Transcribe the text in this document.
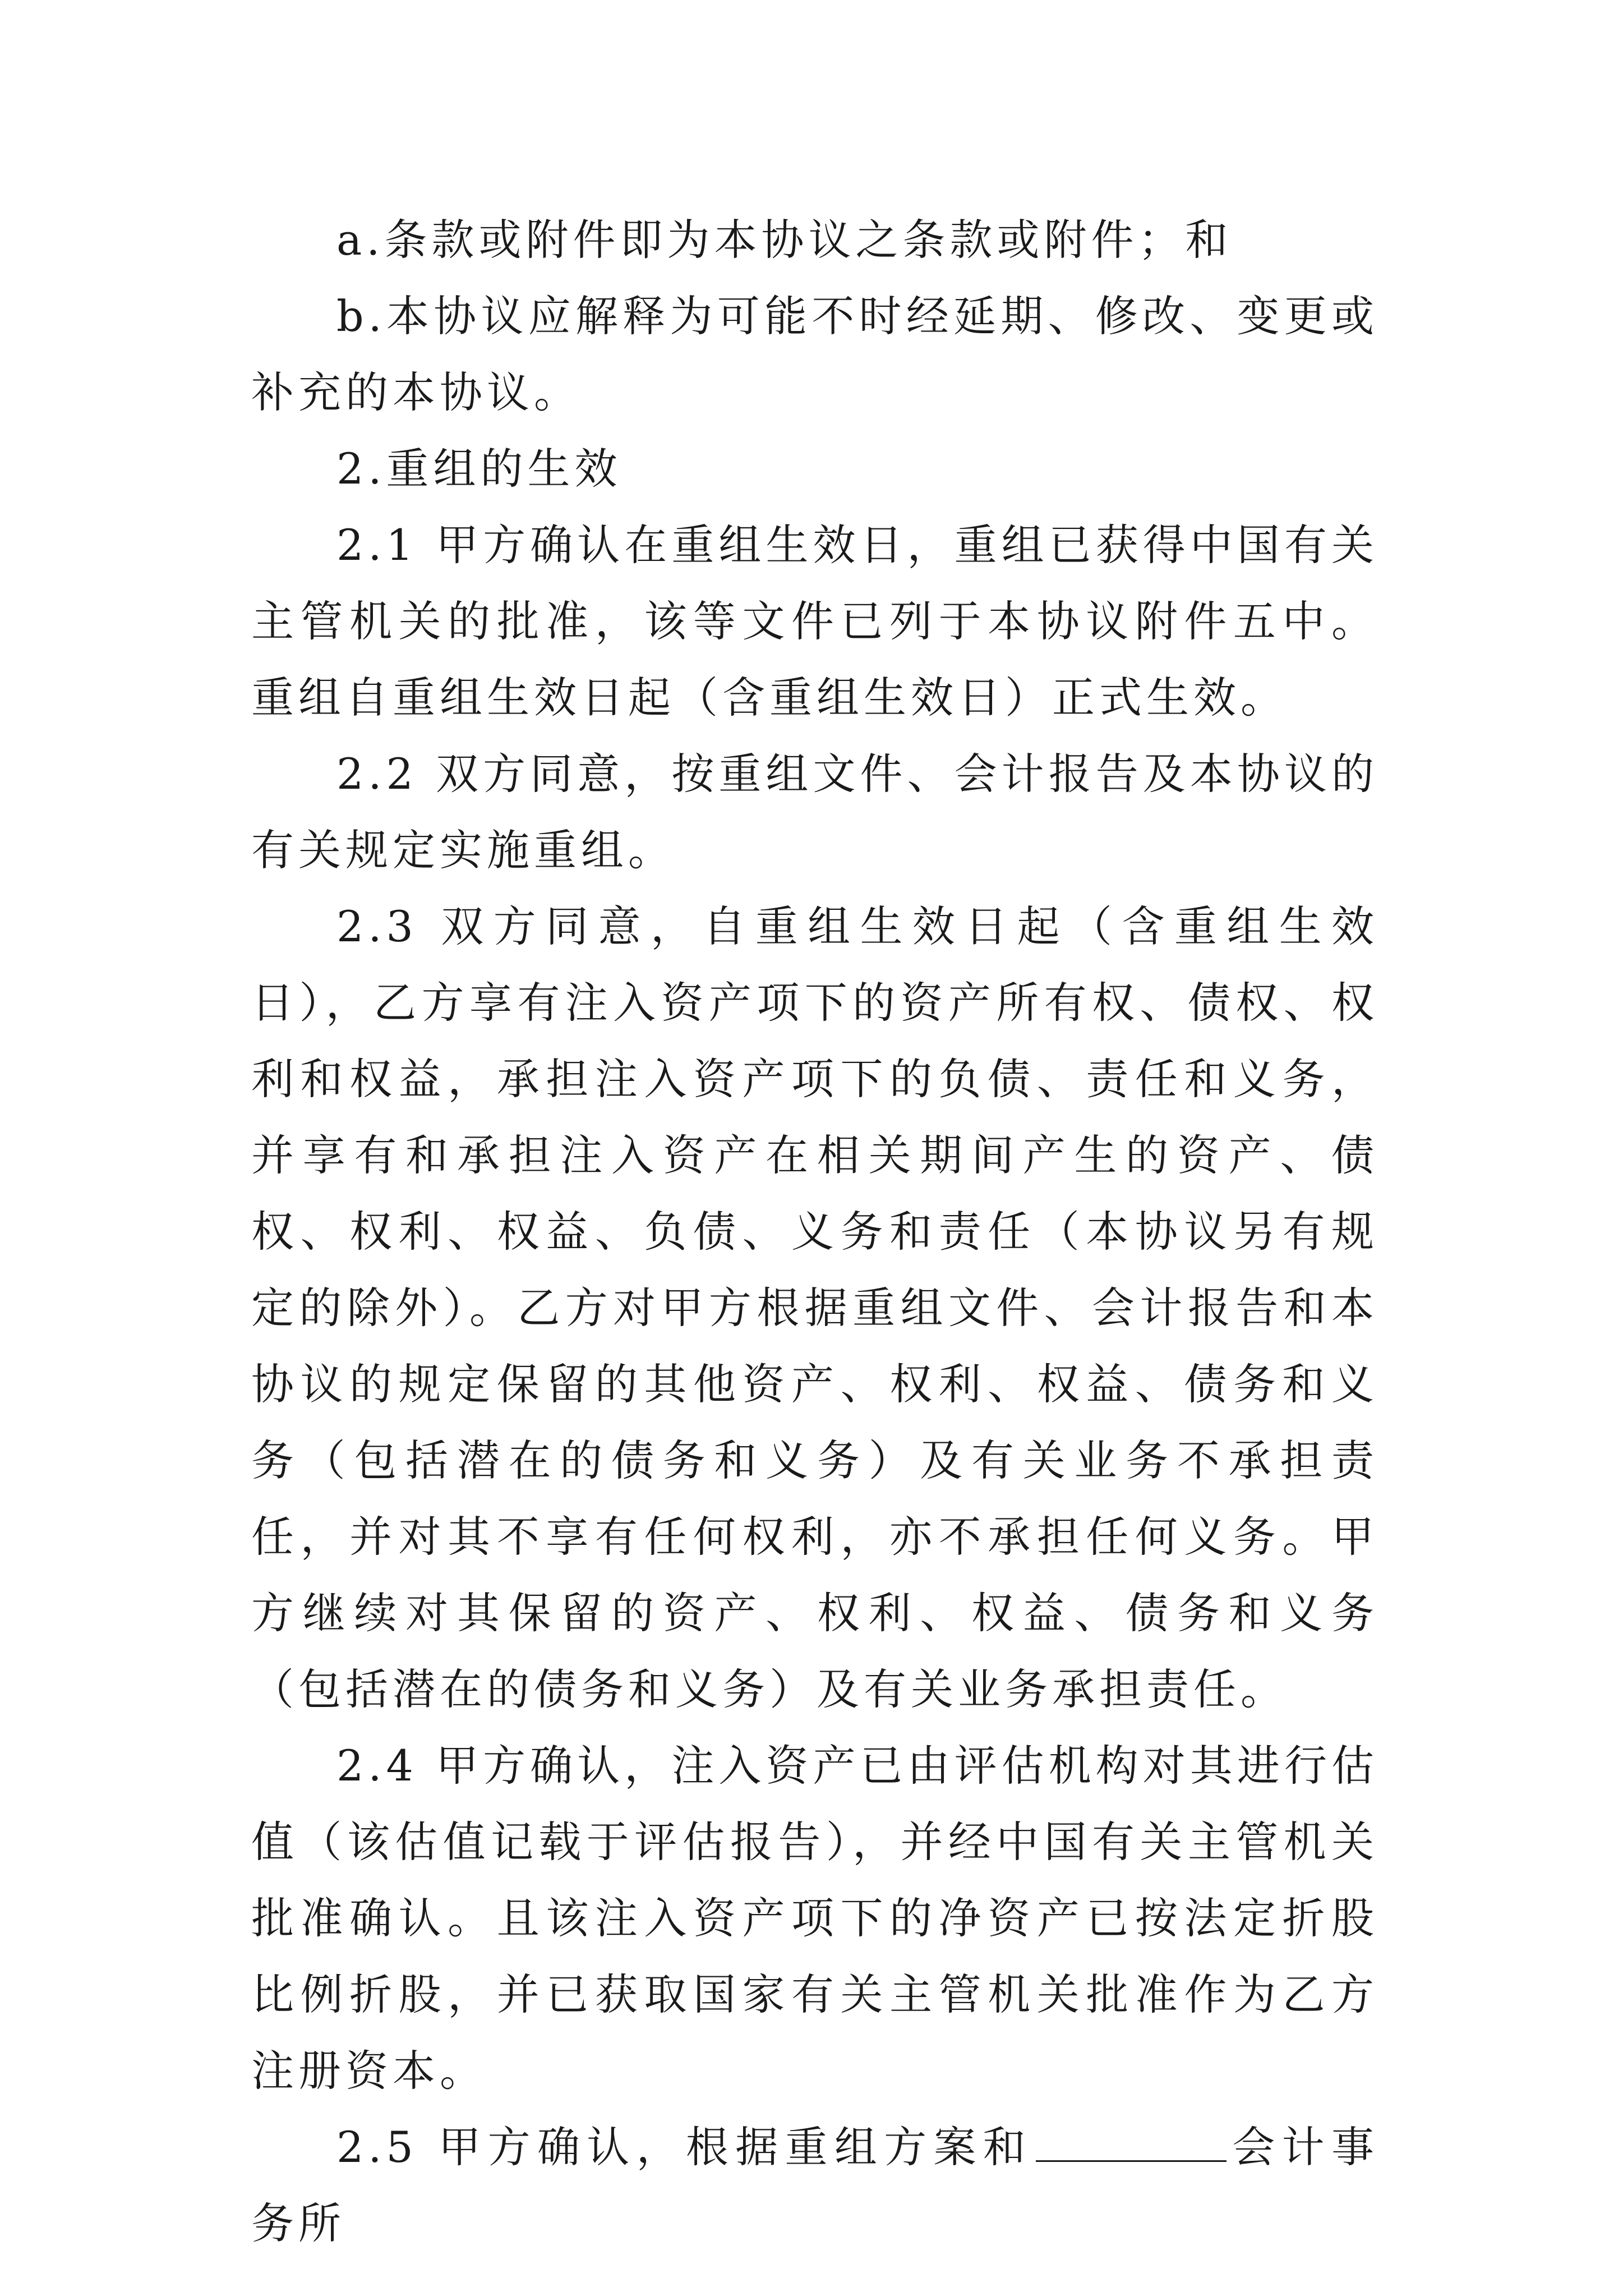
a.条款或附件即为本协议之条款或附件；和

b.本协议应解释为可能不时经延期、修改、变更或补充的本协议。

2.重组的生效

2.1 甲方确认在重组生效日，重组已获得中国有关主管机关的批准，该等文件已列于本协议附件五中。重组自重组生效日起（含重组生效日）正式生效。

2.2 双方同意，按重组文件、会计报告及本协议的有关规定实施重组。

2.3 双方同意，自重组生效日起（含重组生效日），乙方享有注入资产项下的资产所有权、债权、权利和权益，承担注入资产项下的负债、责任和义务，并享有和承担注入资产在相关期间产生的资产、债权、权利、权益、负债、义务和责任（本协议另有规定的除外）。乙方对甲方根据重组文件、会计报告和本协议的规定保留的其他资产、权利、权益、债务和义务（包括潜在的债务和义务）及有关业务不承担责任，并对其不享有任何权利，亦不承担任何义务。甲方继续对其保留的资产、权利、权益、债务和义务（包括潜在的债务和义务）及有关业务承担责任。

2.4 甲方确认，注入资产已由评估机构对其进行估值（该估值记载于评估报告），并经中国有关主管机关批准确认。且该注入资产项下的净资产已按法定折股比例折股，并已获取国家有关主管机关批准作为乙方注册资本。

2.5 甲方确认，根据重组方案和	会计事务所
